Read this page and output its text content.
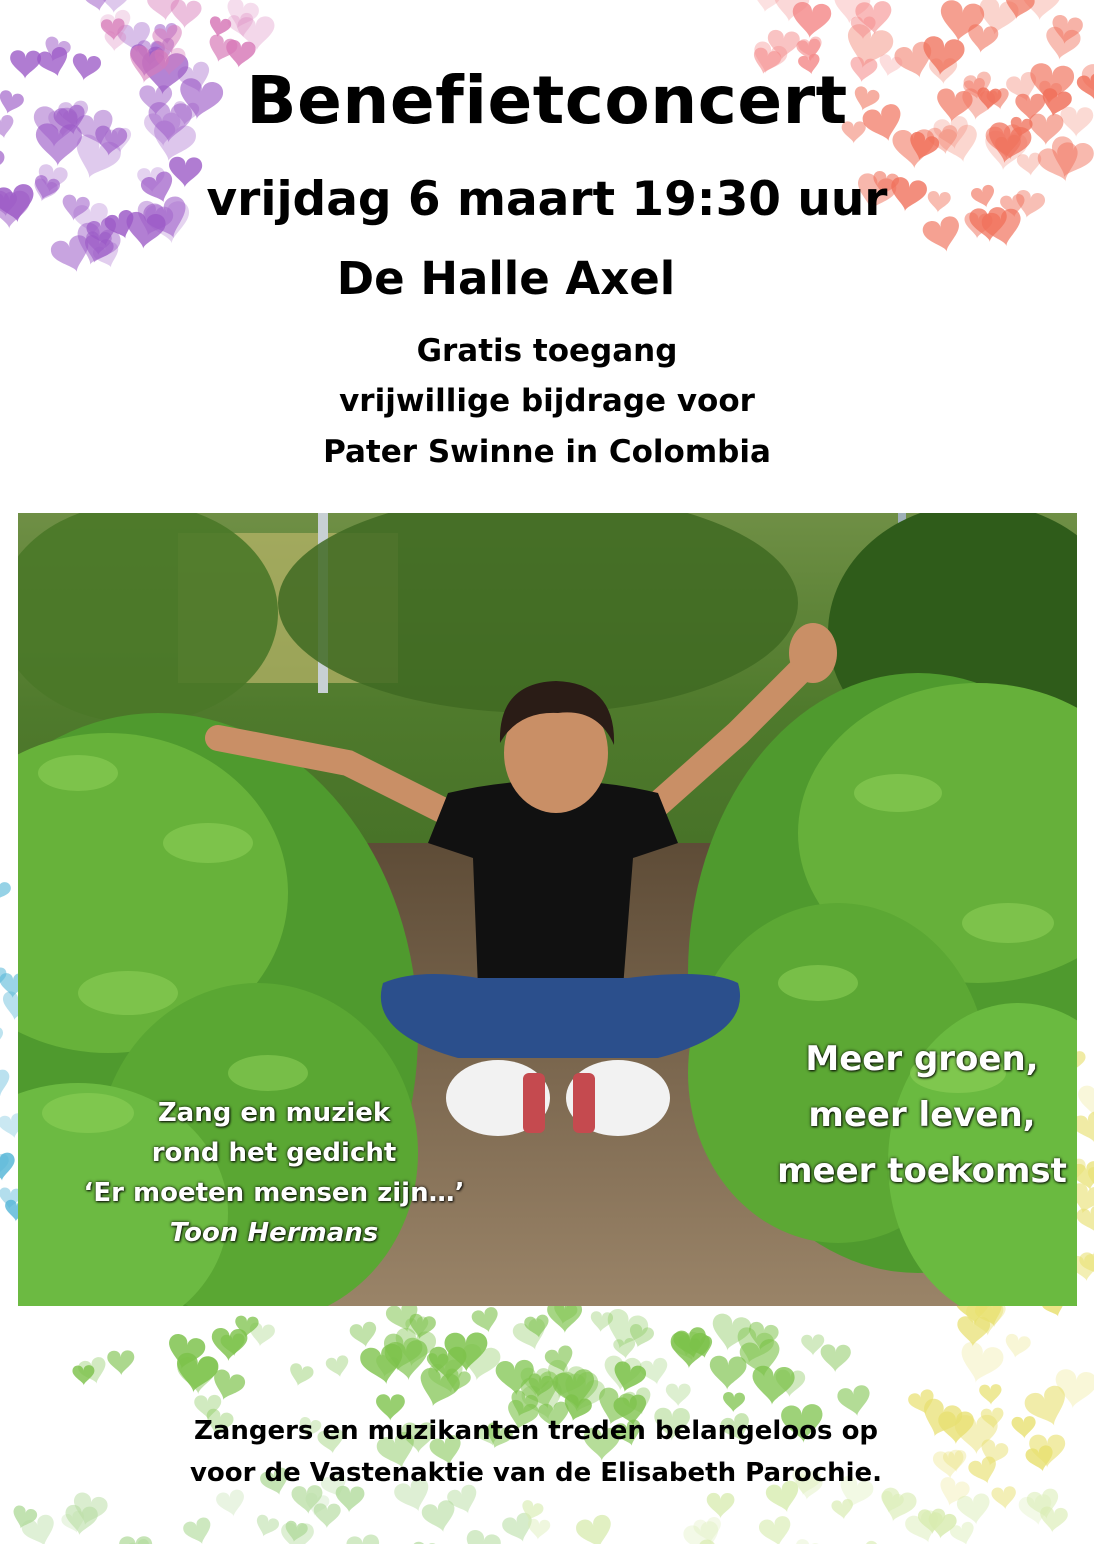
Benefietconcert
vrijdag 6 maart 19:30 uur
De Halle Axel
Gratis toegang
vrijwillige bijdrage voor
Pater Swinne in Colombia
Zang en muziek
rond het gedicht
‘Er moeten mensen zijn…’
Toon Hermans
Meer groen,
meer leven,
meer toekomst
Zangers en muzikanten treden belangeloos op
voor de Vastenaktie van de Elisabeth Parochie.
